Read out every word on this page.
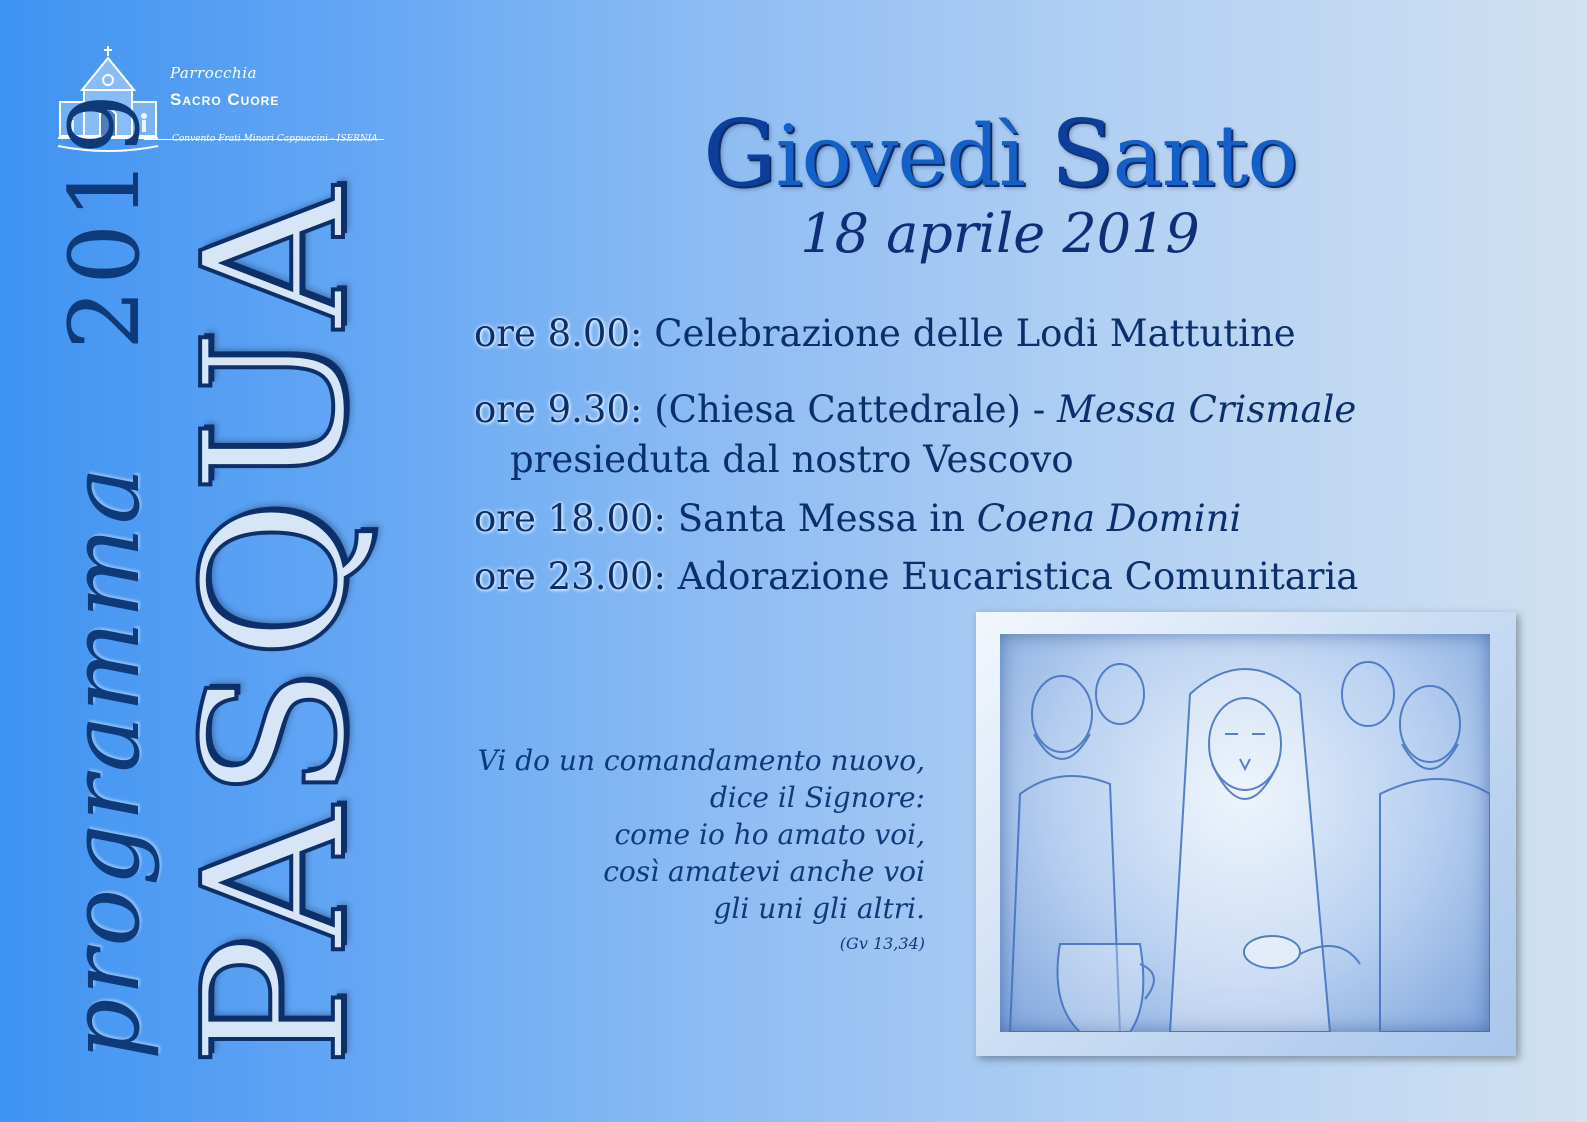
Parrocchia
Sacro Cuore
Convento Frati Minori Cappuccini - ISERNIA
PASQUA
programma
2019	Giovedì Santo
18 aprile 2019
ore 8.00: Celebrazione delle Lodi Mattutine
ore 9.30: (Chiesa Cattedrale) - Messa Crismale
presieduta dal nostro Vescovo
ore 18.00: Santa Messa in Coena Domini
ore 23.00: Adorazione Eucaristica Comunitaria
Vi do un comandamento nuovo,
dice il Signore:
come io ho amato voi,
così amatevi anche voi
gli uni gli altri.
(Gv 13,34)
